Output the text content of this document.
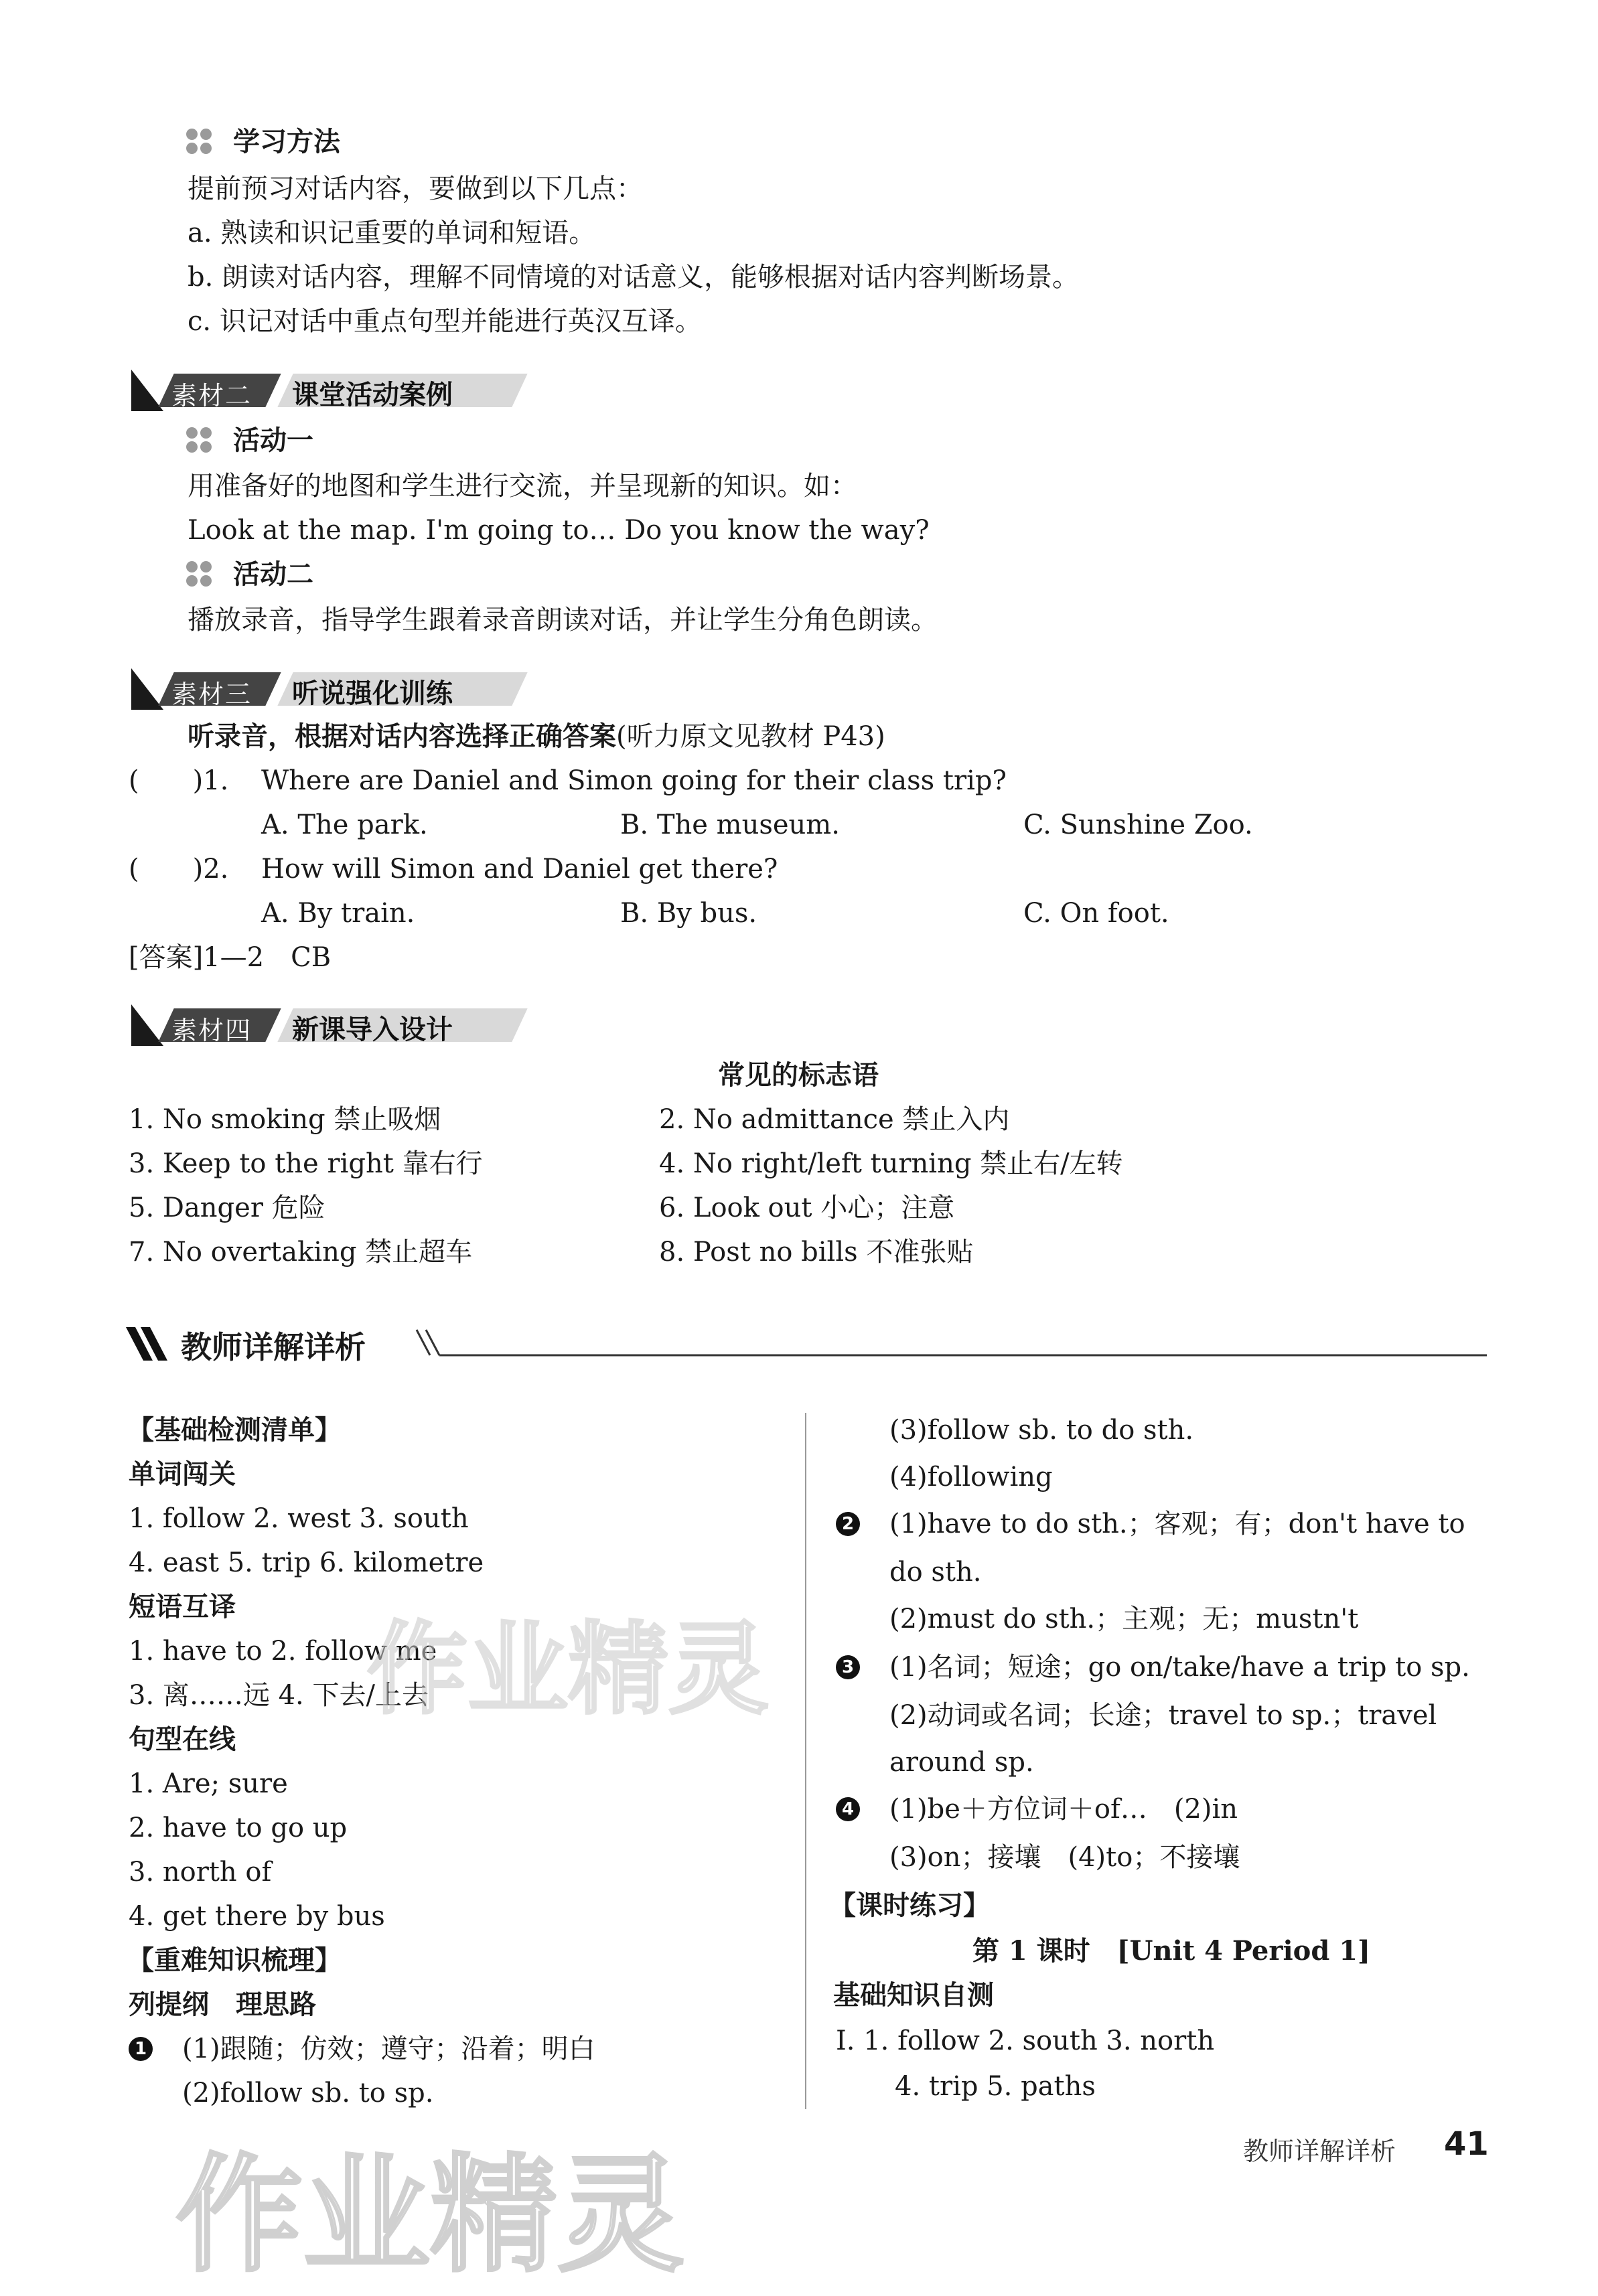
学习方法
提前预习对话内容，要做到以下几点：
a. 熟读和识记重要的单词和短语。
b. 朗读对话内容，理解不同情境的对话意义，能够根据对话内容判断场景。
c. 识记对话中重点句型并能进行英汉互译。
素材二 课堂活动案例
活动一
用准备好的地图和学生进行交流，并呈现新的知识。如：
Look at the map. I'm going to… Do you know the way?
活动二
播放录音，指导学生跟着录音朗读对话，并让学生分角色朗读。
素材三 听说强化训练
听录音，根据对话内容选择正确答案(听力原文见教材 P43)
(　　)1. Where are Daniel and Simon going for their class trip?
A. The park.	B. The museum.	C. Sunshine Zoo.
(　　)2. How will Simon and Daniel get there?
A. By train.	B. By bus.	C. On foot.
[答案]1—2　CB
素材四 新课导入设计
常见的标志语
1. No smoking 禁止吸烟	2. No admittance 禁止入内
3. Keep to the right 靠右行	4. No right/left turning 禁止右/左转
5. Danger 危险	6. Look out 小心；注意
7. No overtaking 禁止超车	8. Post no bills 不准张贴
教师详解详析
【基础检测清单】
单词闯关
1. follow 2. west 3. south
4. east 5. trip 6. kilometre
短语互译
1. have to 2. follow me
3. 离……远 4. 下去/上去
句型在线
1. Are; sure
2. have to go up
3. north of
4. get there by bus
【重难知识梳理】
列提纲　理思路
1 (1)跟随；仿效；遵守；沿着；明白
(2)follow sb. to sp.
(3)follow sb. to do sth.
(4)following
2 (1)have to do sth.；客观；有；don't have to
do sth.
(2)must do sth.；主观；无；mustn't
3 (1)名词；短途；go on/take/have a trip to sp.
(2)动词或名词；长途；travel to sp.；travel
around sp.
4 (1)be＋方位词＋of…　(2)in
(3)on；接壤　(4)to；不接壤
【课时练习】
第 1 课时　[Unit 4 Period 1]
基础知识自测
Ⅰ. 1. follow 2. south 3. north
4. trip 5. paths
作业精灵
作业精灵	教师详解详析 41
